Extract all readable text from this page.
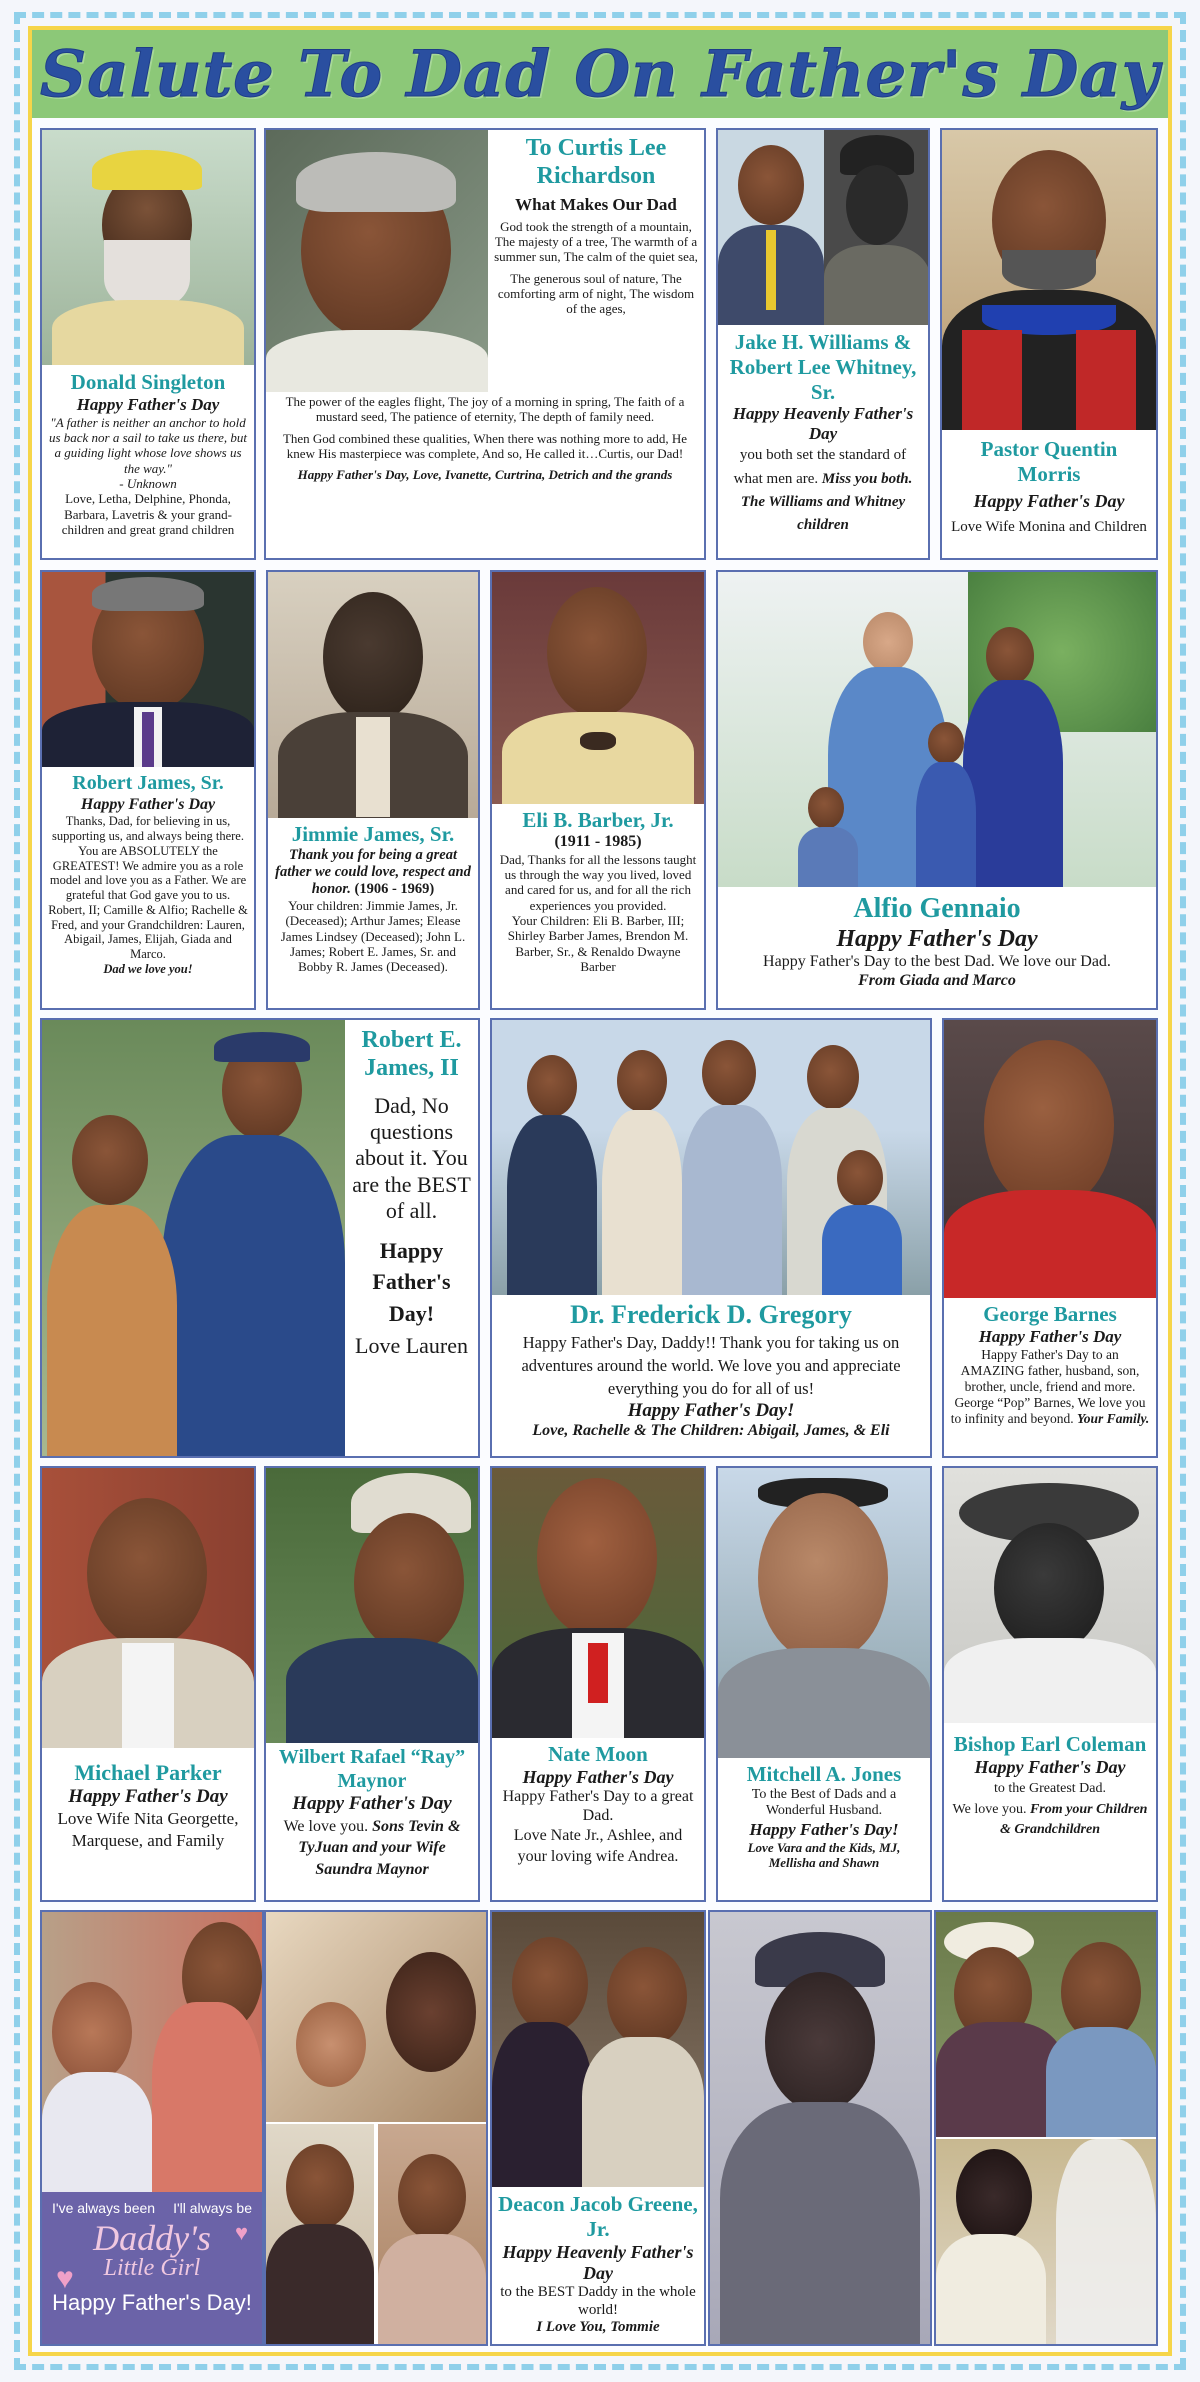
Salute To Dad On Father's Day
Donald Singleton
Happy Father's Day
"A father is neither an anchor to hold us back nor a sail to take us there, but a guiding light whose love shows us the way."
- Unknown
Love, Letha, Delphine, Phonda, Barbara, Lavetris & your grand-children and great grand children
To Curtis Lee Richardson
What Makes Our Dad
God took the strength of a mountain, The majesty of a tree, The warmth of a summer sun, The calm of the quiet sea,
The generous soul of nature, The comforting arm of night, The wisdom of the ages,
The power of the eagles flight, The joy of a morning in spring, The faith of a mustard seed, The patience of eternity, The depth of family need.
Then God combined these qualities, When there was nothing more to add, He knew His masterpiece was complete, And so, He called it…Curtis, our Dad!
Happy Father's Day, Love, Ivanette, Curtrina, Detrich and the grands
Jake H. Williams & Robert Lee Whitney, Sr.
Happy Heavenly Father's Day
you both set the standard of what men are. Miss you both. The Williams and Whitney children
Pastor Quentin Morris
Happy Father's Day
Love Wife Monina and Children
Robert James, Sr.
Happy Father's Day
Thanks, Dad, for believing in us, supporting us, and always being there. You are ABSOLUTELY the GREATEST! We admire you as a role model and love you as a Father. We are grateful that God gave you to us. Robert, II; Camille & Alfio; Rachelle & Fred, and your Grandchildren: Lauren, Abigail, James, Elijah, Giada and Marco.
Dad we love you!
Jimmie James, Sr.
Thank you for being a great father we could love, respect and honor. (1906 - 1969)
Your children: Jimmie James, Jr. (Deceased); Arthur James; Elease James Lindsey (Deceased); John L. James; Robert E. James, Sr. and Bobby R. James (Deceased).
Eli B. Barber, Jr.
(1911 - 1985)
Dad, Thanks for all the lessons taught us through the way you lived, loved and cared for us, and for all the rich experiences you provided.
Your Children: Eli B. Barber, III; Shirley Barber James, Brendon M. Barber, Sr., & Renaldo Dwayne Barber
Alfio Gennaio
Happy Father's Day
Happy Father's Day to the best Dad. We love our Dad.
From Giada and Marco
Robert E. James, II
Dad, No questions about it. You are the BEST of all.
Happy Father's Day!
Love Lauren
Dr. Frederick D. Gregory
Happy Father's Day, Daddy!! Thank you for taking us on adventures around the world. We love you and appreciate everything you do for all of us!
Happy Father's Day!
Love, Rachelle & The Children: Abigail, James, & Eli
George Barnes
Happy Father's Day
Happy Father's Day to an AMAZING father, husband, son, brother, uncle, friend and more. George “Pop” Barnes, We love you to infinity and beyond. Your Family.
Michael Parker
Happy Father's Day
Love Wife Nita Georgette, Marquese, and Family
Wilbert Rafael “Ray” Maynor
Happy Father's Day
We love you. Sons Tevin & TyJuan and your Wife Saundra Maynor
Nate Moon
Happy Father's Day
Happy Father's Day to a great Dad.
Love Nate Jr., Ashlee, and your loving wife Andrea.
Mitchell A. Jones
To the Best of Dads and a Wonderful Husband.
Happy Father's Day!
Love Vara and the Kids, MJ, Mellisha and Shawn
Bishop Earl Coleman
Happy Father's Day
to the Greatest Dad.
We love you. From your Children & Grandchildren
I've always been I'll always be
Daddy's
Little Girl
♥
♥
Happy Father's Day!
Deacon Jacob Greene, Jr.
Happy Heavenly Father's Day
to the BEST Daddy in the whole world!
I Love You, Tommie
